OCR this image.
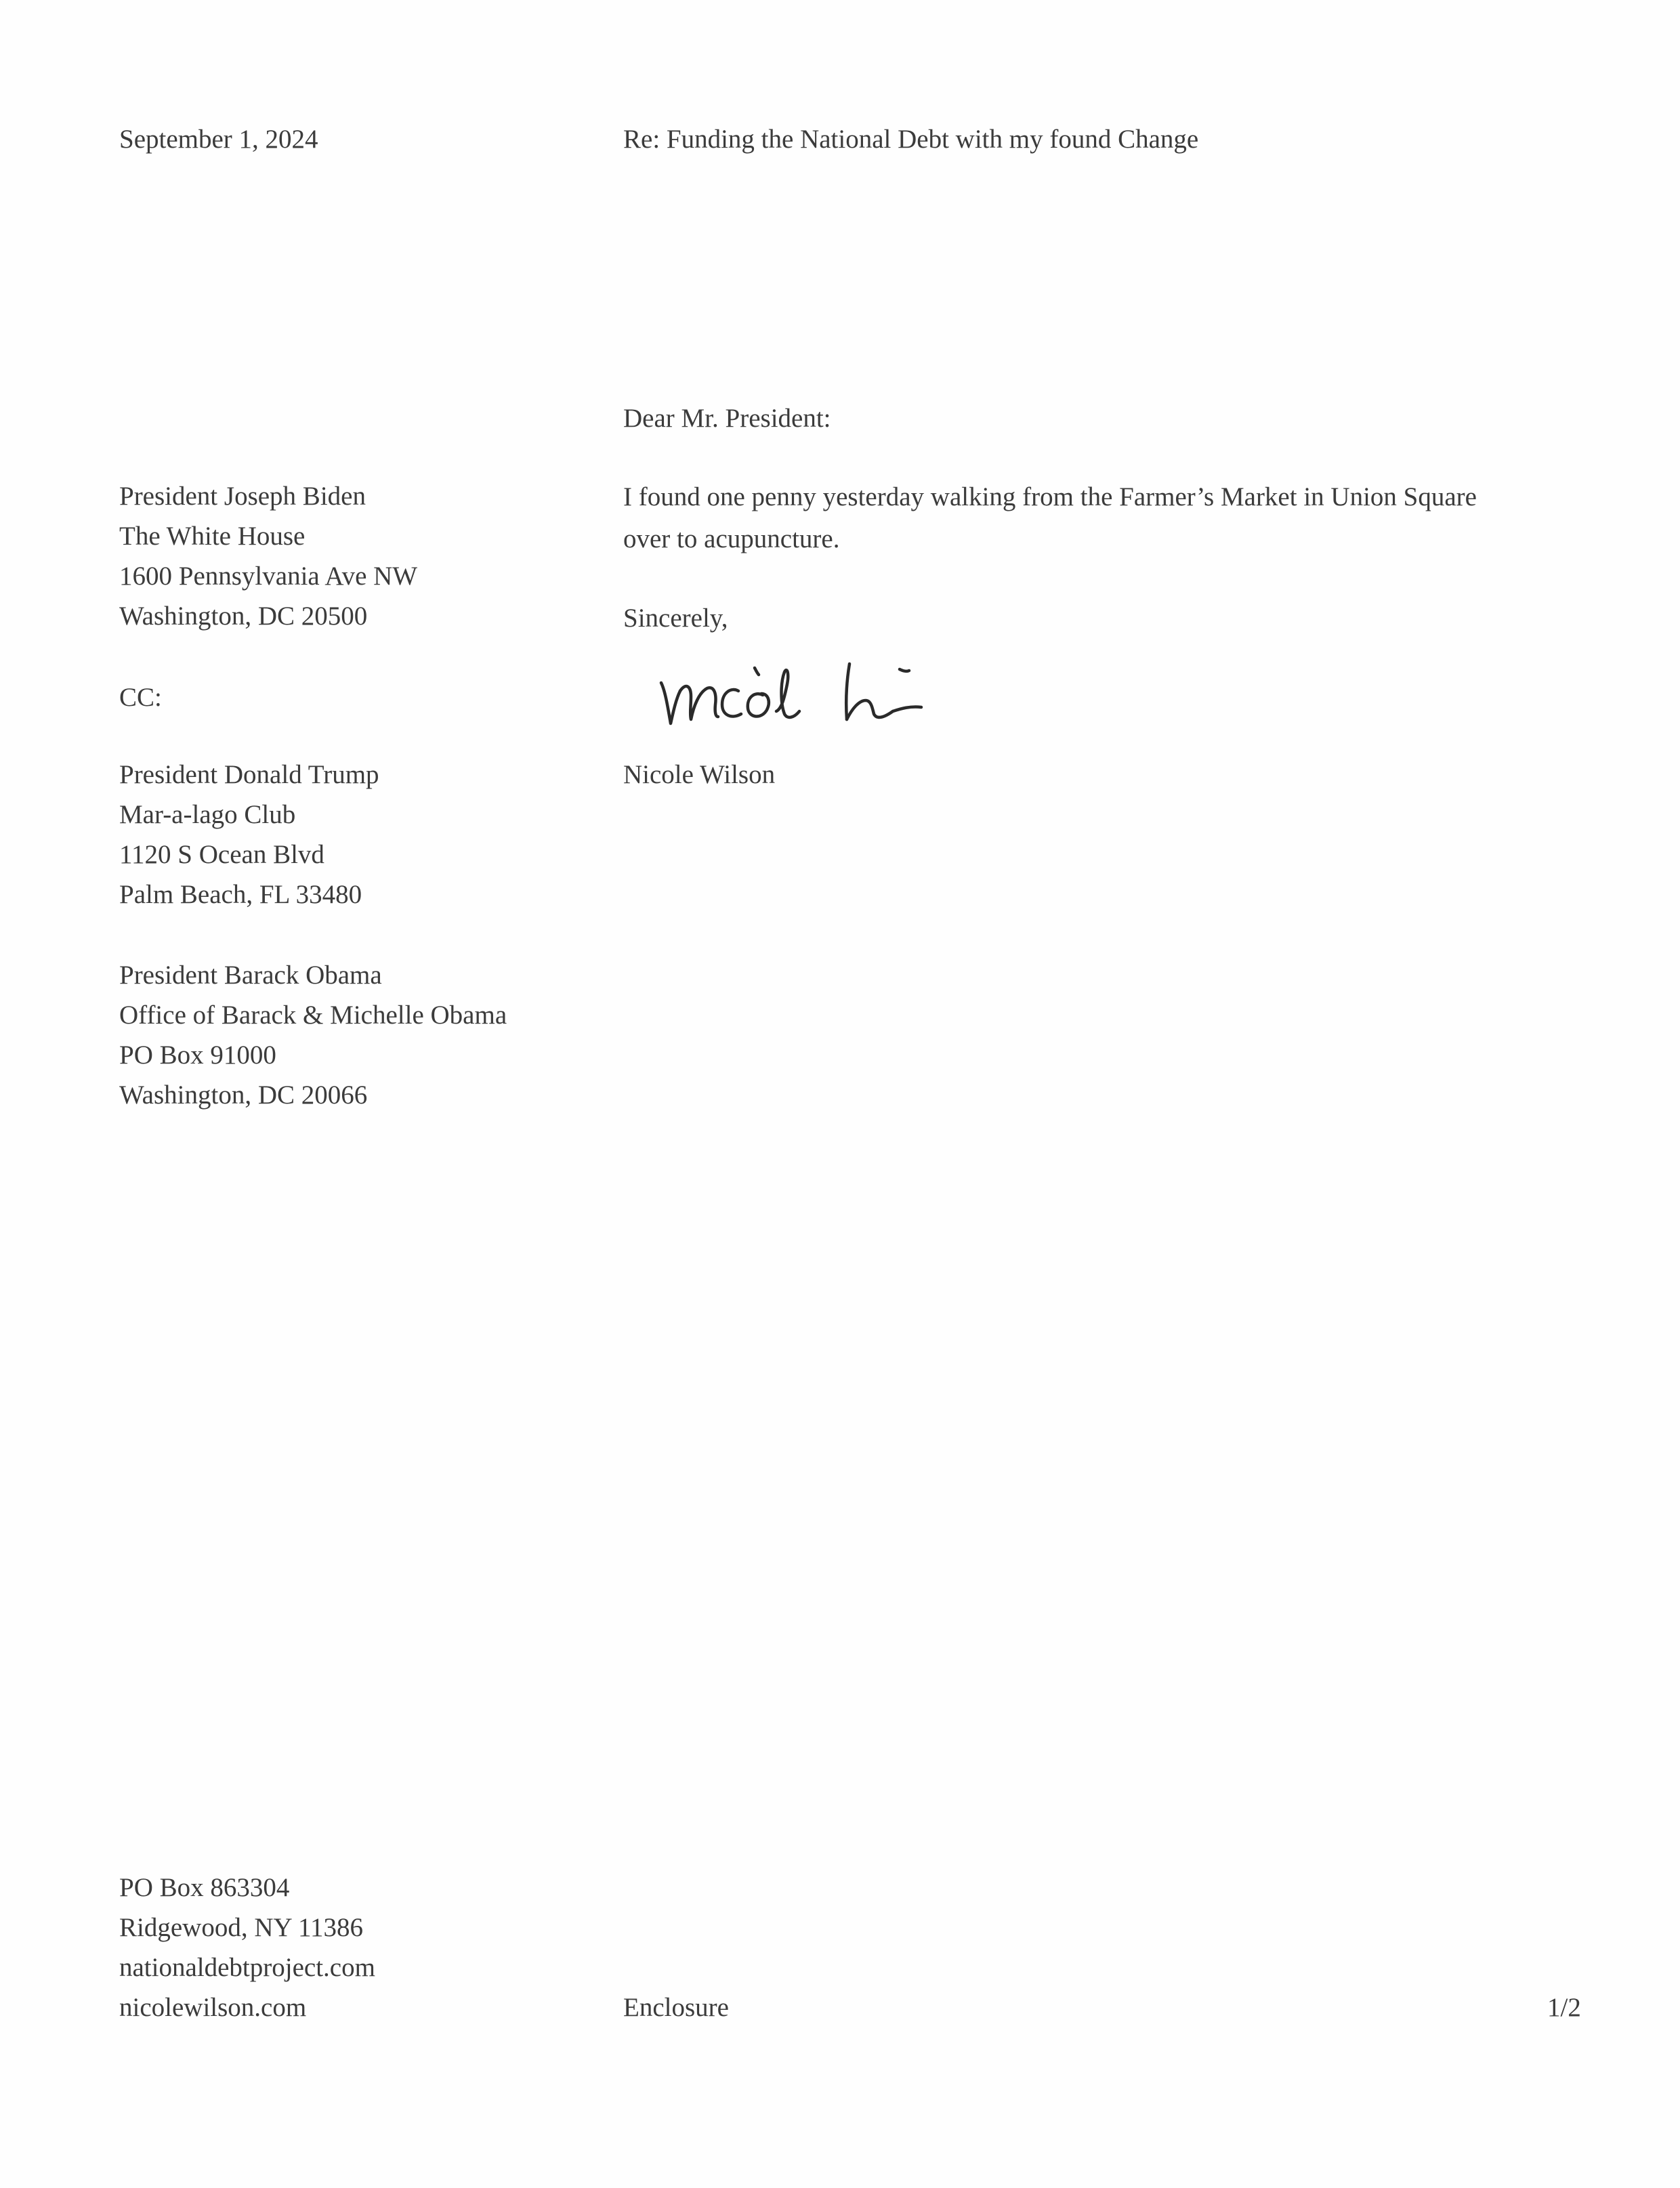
September 1, 2024	Re: Funding the National Debt with my found Change
Dear Mr. President:
President Joseph Biden
The White House
1600 Pennsylvania Ave NW
Washington, DC 20500
CC:
President Donald Trump
Mar-a-lago Club
1120 S Ocean Blvd
Palm Beach, FL 33480
President Barack Obama
Office of Barack & Michelle Obama
PO Box 91000
Washington, DC 20066
I found one penny yesterday walking from the Farmer’s Market in Union Square
over to acupuncture.
Sincerely,
Nicole Wilson
PO Box 863304
Ridgewood, NY 11386
nationaldebtproject.com
nicolewilson.com	Enclosure	1/2
